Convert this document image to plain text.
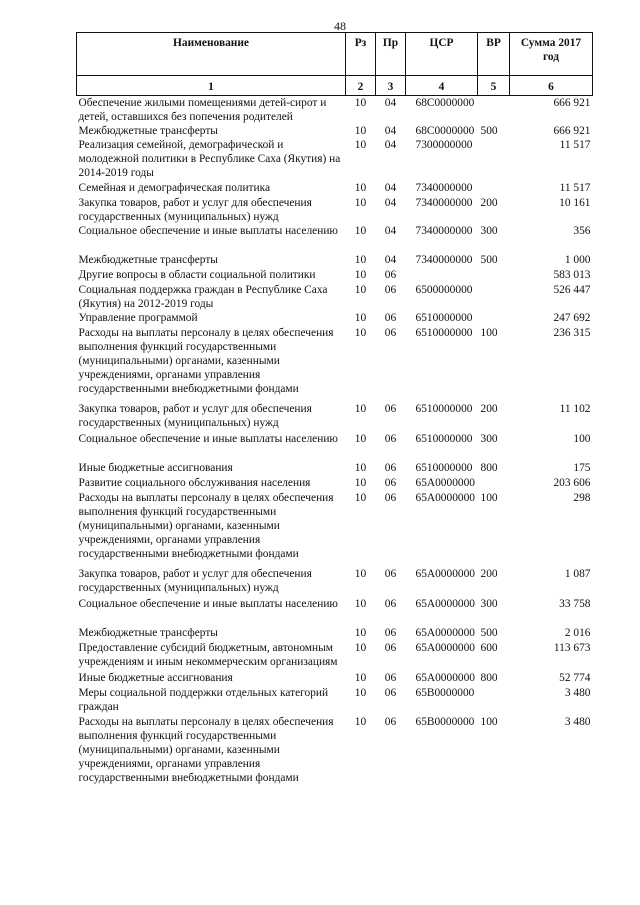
48
Наименование	Рз	Пр	ЦСР	ВР	Сумма 2017 год
1	2	3	4	5	6
Обеспечение жилыми помещениями детей-сирот и детей, оставшихся без попечения родителей	10	04	68С0000000		666 921
Межбюджетные трансферты	10	04	68С0000000	500	666 921
Реализация семейной, демографической и молодежной политики в Республике Саха (Якутия) на 2014-2019 годы	10	04	7300000000		11 517
Семейная и демографическая политика	10	04	7340000000		11 517
Закупка товаров, работ и услуг для обеспечения государственных (муниципальных) нужд	10	04	7340000000	200	10 161
Социальное обеспечение и иные выплаты населению	10	04	7340000000	300	356
Межбюджетные трансферты	10	04	7340000000	500	1 000
Другие вопросы в области социальной политики	10	06			583 013
Социальная поддержка граждан в Республике Саха (Якутия) на 2012-2019 годы	10	06	6500000000		526 447
Управление программой	10	06	6510000000		247 692
Расходы на выплаты персоналу в целях обеспечения выполнения функций государственными (муниципальными) органами, казенными учреждениями, органами управления государственными внебюджетными фондами	10	06	6510000000	100	236 315
Закупка товаров, работ и услуг для обеспечения государственных (муниципальных) нужд	10	06	6510000000	200	11 102
Социальное обеспечение и иные выплаты населению	10	06	6510000000	300	100
Иные бюджетные ассигнования	10	06	6510000000	800	175
Развитие социального обслуживания населения	10	06	65А0000000		203 606
Расходы на выплаты персоналу в целях обеспечения выполнения функций государственными (муниципальными) органами, казенными учреждениями, органами управления государственными внебюджетными фондами	10	06	65А0000000	100	298
Закупка товаров, работ и услуг для обеспечения государственных (муниципальных) нужд	10	06	65А0000000	200	1 087
Социальное обеспечение и иные выплаты населению	10	06	65А0000000	300	33 758
Межбюджетные трансферты	10	06	65А0000000	500	2 016
Предоставление субсидий бюджетным, автономным учреждениям и иным некоммерческим организациям	10	06	65А0000000	600	113 673
Иные бюджетные ассигнования	10	06	65А0000000	800	52 774
Меры социальной поддержки отдельных категорий граждан	10	06	65В0000000		3 480
Расходы на выплаты персоналу в целях обеспечения выполнения функций государственными (муниципальными) органами, казенными учреждениями, органами управления государственными внебюджетными фондами	10	06	65В0000000	100	3 480
